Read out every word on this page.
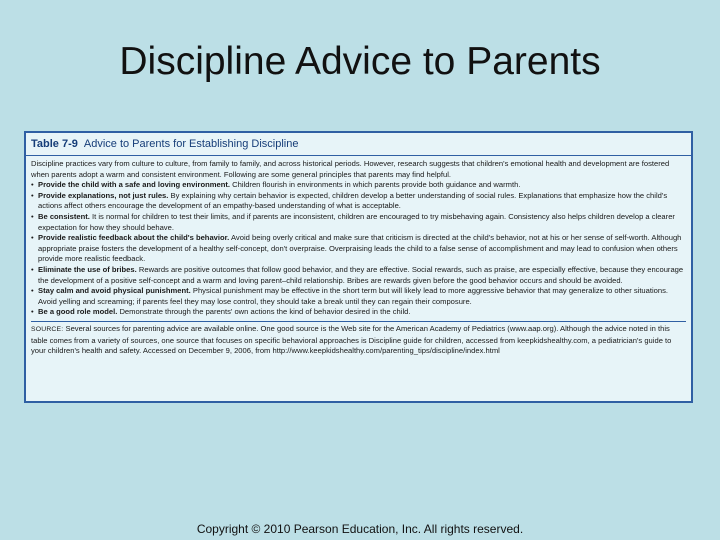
Discipline Advice to Parents
Table 7-9 Advice to Parents for Establishing Discipline

Discipline practices vary from culture to culture, from family to family, and across historical periods. However, research suggests that children's emotional health and development are fostered when parents adopt a warm and consistent environment. Following are some general principles that parents may find helpful.

• Provide the child with a safe and loving environment. Children flourish in environments in which parents provide both guidance and warmth.
• Provide explanations, not just rules. By explaining why certain behavior is expected, children develop a better understanding of social rules. Explanations that emphasize how the child's actions affect others encourage the development of an empathy-based understanding of what is acceptable.
• Be consistent. It is normal for children to test their limits, and if parents are inconsistent, children are encouraged to try misbehaving again. Consistency also helps children develop a clearer expectation for how they should behave.
• Provide realistic feedback about the child's behavior. Avoid being overly critical and make sure that criticism is directed at the child's behavior, not at his or her sense of self-worth. Although appropriate praise fosters the development of a healthy self-concept, don't overpraise. Overpraising leads the child to a false sense of accomplishment and may lead to confusion when others provide more realistic feedback.
• Eliminate the use of bribes. Rewards are positive outcomes that follow good behavior, and they are effective. Social rewards, such as praise, are especially effective, because they encourage the development of a positive self-concept and a warm and loving parent–child relationship. Bribes are rewards given before the good behavior occurs and should be avoided.
• Stay calm and avoid physical punishment. Physical punishment may be effective in the short term but will likely lead to more aggressive behavior that may generalize to other situations. Avoid yelling and screaming; if parents feel they may lose control, they should take a break until they can regain their composure.
• Be a good role model. Demonstrate through the parents' own actions the kind of behavior desired in the child.
SOURCE: Several sources for parenting advice are available online. One good source is the Web site for the American Academy of Pediatrics (www.aap.org). Although the advice noted in this table comes from a variety of sources, one source that focuses on specific behavioral approaches is Discipline guide for children, accessed from keepkidshealthy.com, a pediatrician's guide to your children's health and safety. Accessed on December 9, 2006, from http://www.keepkidshealthy.com/parenting_tips/discipline/index.html
Copyright © 2010 Pearson Education, Inc. All rights reserved.
